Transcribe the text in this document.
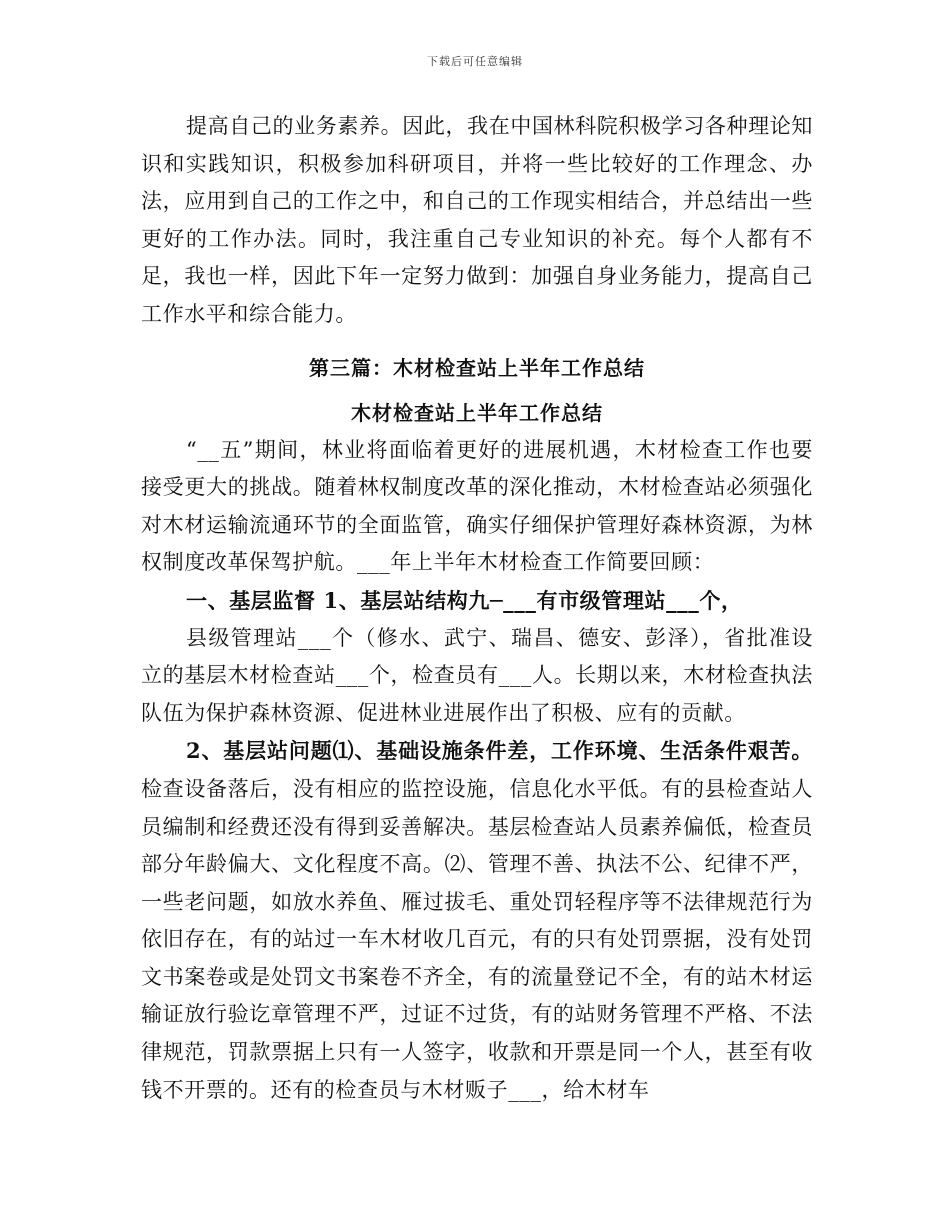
下载后可任意编辑

提高自己的业务素养。因此，我在中国林科院积极学习各种理论知识和实践知识，积极参加科研项目，并将一些比较好的工作理念、办法，应用到自己的工作之中，和自己的工作现实相结合，并总结出一些更好的工作办法。同时，我注重自己专业知识的补充。每个人都有不足，我也一样，因此下年一定努力做到：加强自身业务能力，提高自己工作水平和综合能力。

第三篇：木材检查站上半年工作总结

木材检查站上半年工作总结

“__五”期间，林业将面临着更好的进展机遇，木材检查工作也要接受更大的挑战。随着林权制度改革的深化推动，木材检查站必须强化对木材运输流通环节的全面监管，确实仔细保护管理好森林资源，为林权制度改革保驾护航。___年上半年木材检查工作简要回顾：

一、基层监督 1、基层站结构九─___有市级管理站___个，

县级管理站___个（修水、武宁、瑞昌、德安、彭泽），省批准设立的基层木材检查站___个，检查员有___人。长期以来，木材检查执法队伍为保护森林资源、促进林业进展作出了积极、应有的贡献。

2、基层站问题⑴、基础设施条件差，工作环境、生活条件艰苦。检查设备落后，没有相应的监控设施，信息化水平低。有的县检查站人员编制和经费还没有得到妥善解决。基层检查站人员素养偏低，检查员部分年龄偏大、文化程度不高。⑵、管理不善、执法不公、纪律不严，一些老问题，如放水养鱼、雁过拔毛、重处罚轻程序等不法律规范行为依旧存在，有的站过一车木材收几百元，有的只有处罚票据，没有处罚文书案卷或是处罚文书案卷不齐全，有的流量登记不全，有的站木材运输证放行验讫章管理不严，过证不过货，有的站财务管理不严格、不法律规范，罚款票据上只有一人签字，收款和开票是同一个人，甚至有收钱不开票的。还有的检查员与木材贩子___，给木材车
